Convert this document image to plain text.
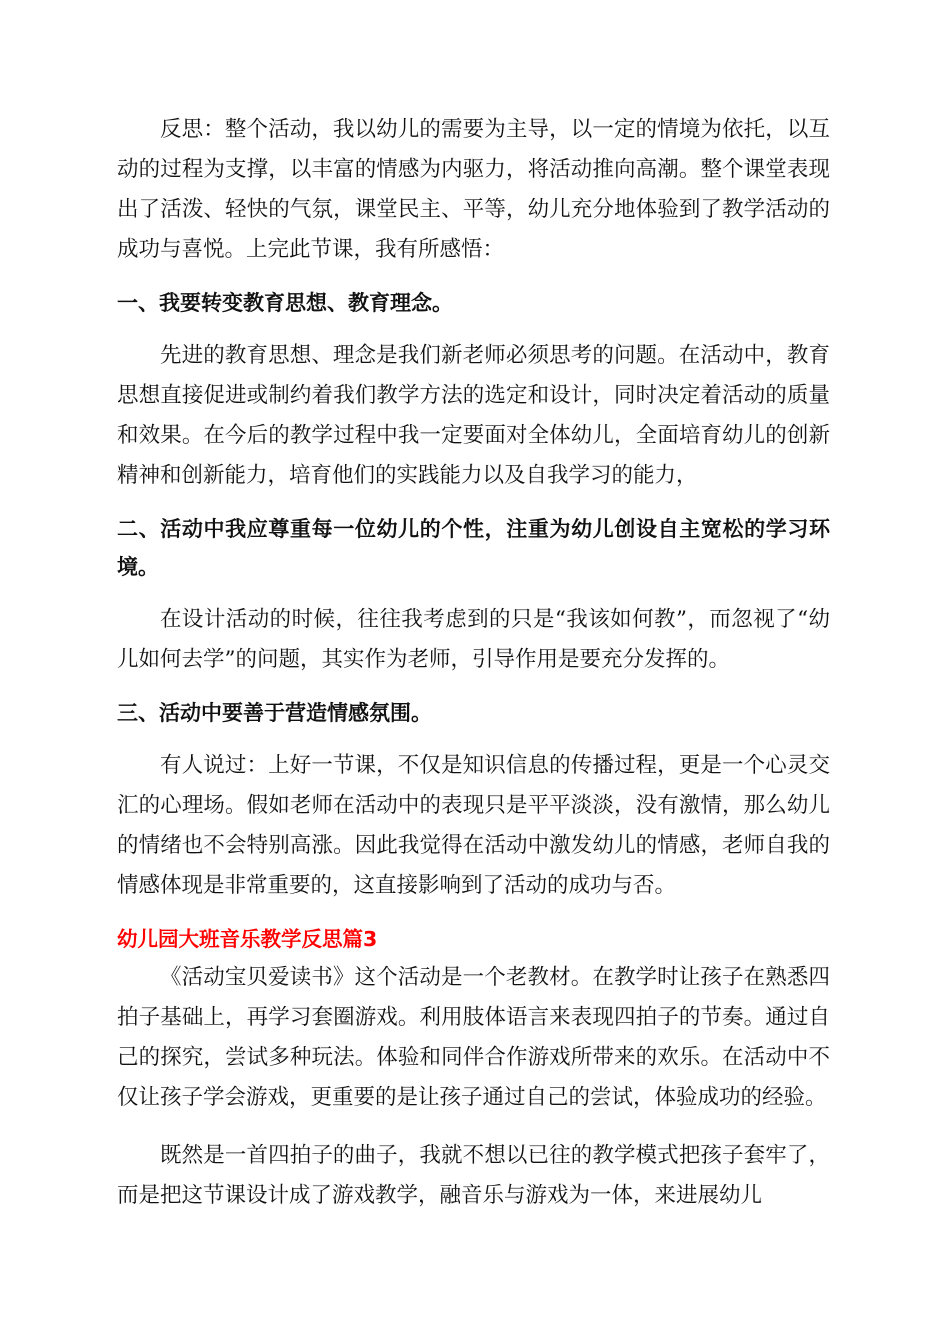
反思：整个活动，我以幼儿的需要为主导，以一定的情境为依托，以互动的过程为支撑，以丰富的情感为内驱力，将活动推向高潮。整个课堂表现出了活泼、轻快的气氛，课堂民主、平等，幼儿充分地体验到了教学活动的成功与喜悦。上完此节课，我有所感悟：

一、我要转变教育思想、教育理念。

先进的教育思想、理念是我们新老师必须思考的问题。在活动中，教育思想直接促进或制约着我们教学方法的选定和设计，同时决定着活动的质量和效果。在今后的教学过程中我一定要面对全体幼儿，全面培育幼儿的创新精神和创新能力，培育他们的实践能力以及自我学习的能力，

二、活动中我应尊重每一位幼儿的个性，注重为幼儿创设自主宽松的学习环境。

在设计活动的时候，往往我考虑到的只是“我该如何教”，而忽视了“幼儿如何去学”的问题，其实作为老师，引导作用是要充分发挥的。

三、活动中要善于营造情感氛围。

有人说过：上好一节课，不仅是知识信息的传播过程，更是一个心灵交汇的心理场。假如老师在活动中的表现只是平平淡淡，没有激情，那么幼儿的情绪也不会特别高涨。因此我觉得在活动中激发幼儿的情感，老师自我的情感体现是非常重要的，这直接影响到了活动的成功与否。

幼儿园大班音乐教学反思篇3

《活动宝贝爱读书》这个活动是一个老教材。在教学时让孩子在熟悉四拍子基础上，再学习套圈游戏。利用肢体语言来表现四拍子的节奏。通过自己的探究，尝试多种玩法。体验和同伴合作游戏所带来的欢乐。在活动中不仅让孩子学会游戏，更重要的是让孩子通过自己的尝试，体验成功的经验。

既然是一首四拍子的曲子，我就不想以已往的教学模式把孩子套牢了，而是把这节课设计成了游戏教学，融音乐与游戏为一体，来进展幼儿
